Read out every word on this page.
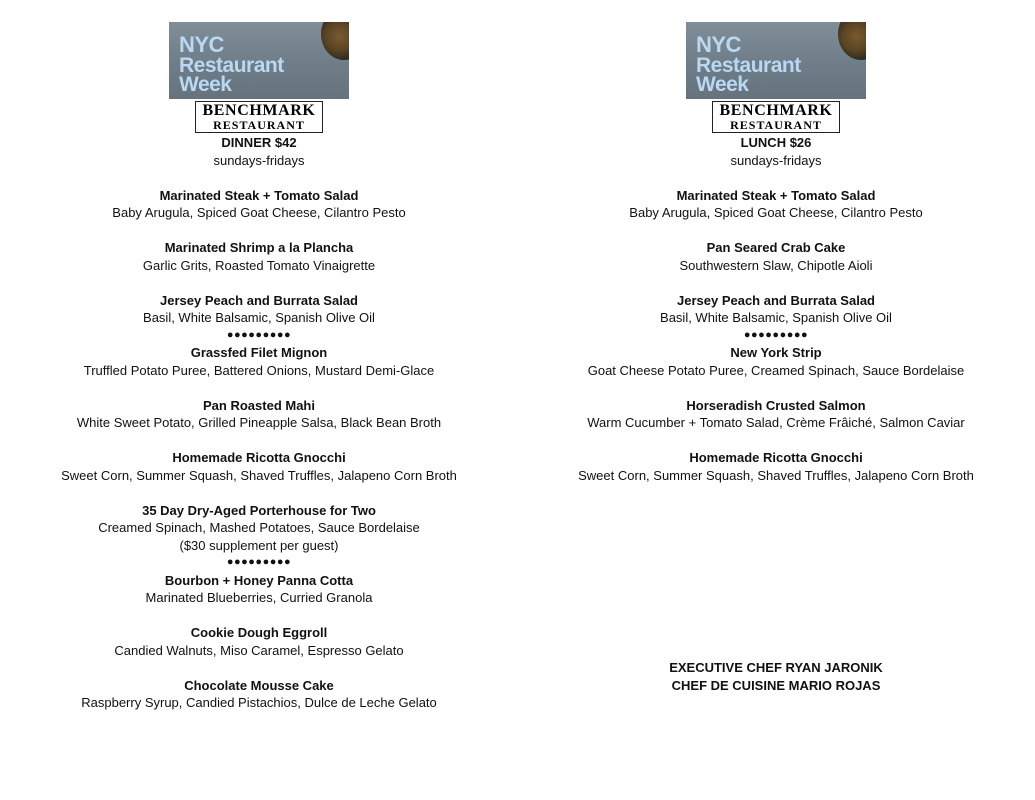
NYC
Restaurant
Week
BENCHMARK
RESTAURANT
DINNER $42
sundays-fridays
Marinated Steak + Tomato Salad
Baby Arugula, Spiced Goat Cheese, Cilantro Pesto
Marinated Shrimp a la Plancha
Garlic Grits, Roasted Tomato Vinaigrette
Jersey Peach and Burrata Salad
Basil, White Balsamic, Spanish Olive Oil
●●●●●●●●●
Grassfed Filet Mignon
Truffled Potato Puree, Battered Onions, Mustard Demi-Glace
Pan Roasted Mahi
White Sweet Potato, Grilled Pineapple Salsa, Black Bean Broth
Homemade Ricotta Gnocchi
Sweet Corn, Summer Squash, Shaved Truffles, Jalapeno Corn Broth
35 Day Dry-Aged Porterhouse for Two
Creamed Spinach, Mashed Potatoes, Sauce Bordelaise
($30 supplement per guest)
●●●●●●●●●
Bourbon + Honey Panna Cotta
Marinated Blueberries, Curried Granola
Cookie Dough Eggroll
Candied Walnuts, Miso Caramel, Espresso Gelato
Chocolate Mousse Cake
Raspberry Syrup, Candied Pistachios, Dulce de Leche Gelato
NYC
Restaurant
Week
BENCHMARK
RESTAURANT
LUNCH $26
sundays-fridays
Marinated Steak + Tomato Salad
Baby Arugula, Spiced Goat Cheese, Cilantro Pesto
Pan Seared Crab Cake
Southwestern Slaw, Chipotle Aioli
Jersey Peach and Burrata Salad
Basil, White Balsamic, Spanish Olive Oil
●●●●●●●●●
New York Strip
Goat Cheese Potato Puree, Creamed Spinach, Sauce Bordelaise
Horseradish Crusted Salmon
Warm Cucumber + Tomato Salad, Crème Frâiché, Salmon Caviar
Homemade Ricotta Gnocchi
Sweet Corn, Summer Squash, Shaved Truffles, Jalapeno Corn Broth
EXECUTIVE CHEF RYAN JARONIK
CHEF DE CUISINE MARIO ROJAS
